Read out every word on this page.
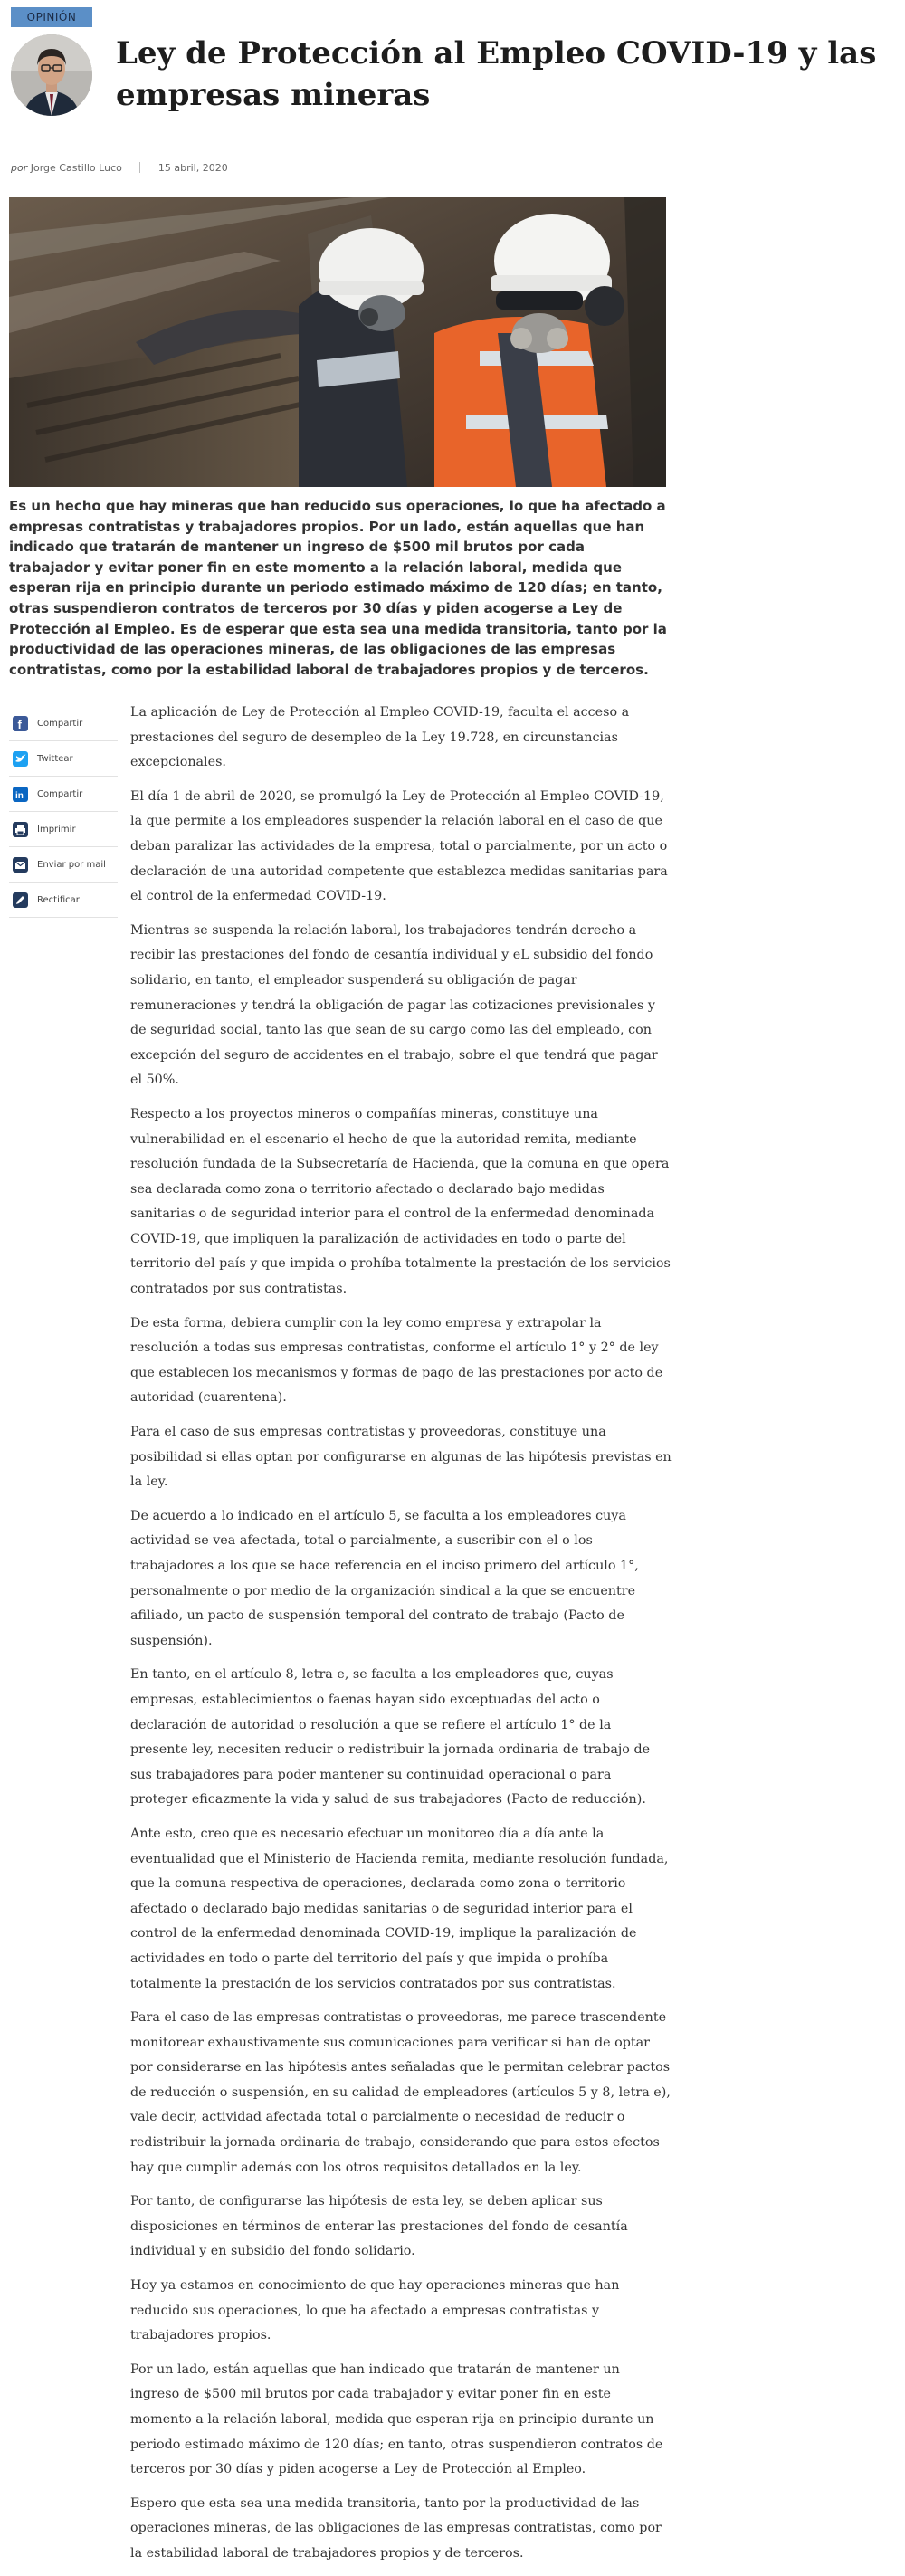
OPINIÓN
Ley de Protección al Empleo COVID-19 y las empresas mineras
por Jorge Castillo Luco	15 abril, 2020

Es un hecho que hay mineras que han reducido sus operaciones, lo que ha afectado a empresas contratistas y trabajadores propios. Por un lado, están aquellas que han indicado que tratarán de mantener un ingreso de $500 mil brutos por cada trabajador y evitar poner fin en este momento a la relación laboral, medida que esperan rija en principio durante un periodo estimado máximo de 120 días; en tanto, otras suspendieron contratos de terceros por 30 días y piden acogerse a Ley de Protección al Empleo. Es de esperar que esta sea una medida transitoria, tanto por la productividad de las operaciones mineras, de las obligaciones de las empresas contratistas, como por la estabilidad laboral de trabajadores propios y de terceros.

f Compartir
Twittear
in Compartir
Imprimir
Enviar por mail
Rectificar

La aplicación de Ley de Protección al Empleo COVID-19, faculta el acceso a prestaciones del seguro de desempleo de la Ley 19.728, en circunstancias excepcionales.

El día 1 de abril de 2020, se promulgó la Ley de Protección al Empleo COVID-19, la que permite a los empleadores suspender la relación laboral en el caso de que deban paralizar las actividades de la empresa, total o parcialmente, por un acto o declaración de una autoridad competente que establezca medidas sanitarias para el control de la enfermedad COVID-19.

Mientras se suspenda la relación laboral, los trabajadores tendrán derecho a recibir las prestaciones del fondo de cesantía individual y eL subsidio del fondo solidario, en tanto, el empleador suspenderá su obligación de pagar remuneraciones y tendrá la obligación de pagar las cotizaciones previsionales y de seguridad social, tanto las que sean de su cargo como las del empleado, con excepción del seguro de accidentes en el trabajo, sobre el que tendrá que pagar el 50%.

Respecto a los proyectos mineros o compañías mineras, constituye una vulnerabilidad en el escenario el hecho de que la autoridad remita, mediante resolución fundada de la Subsecretaría de Hacienda, que la comuna en que opera sea declarada como zona o territorio afectado o declarado bajo medidas sanitarias o de seguridad interior para el control de la enfermedad denominada COVID-19, que impliquen la paralización de actividades en todo o parte del territorio del país y que impida o prohíba totalmente la prestación de los servicios contratados por sus contratistas.

De esta forma, debiera cumplir con la ley como empresa y extrapolar la resolución a todas sus empresas contratistas, conforme el artículo 1° y 2° de ley que establecen los mecanismos y formas de pago de las prestaciones por acto de autoridad (cuarentena).

Para el caso de sus empresas contratistas y proveedoras, constituye una posibilidad si ellas optan por configurarse en algunas de las hipótesis previstas en la ley.

De acuerdo a lo indicado en el artículo 5, se faculta a los empleadores cuya actividad se vea afectada, total o parcialmente, a suscribir con el o los trabajadores a los que se hace referencia en el inciso primero del artículo 1°, personalmente o por medio de la organización sindical a la que se encuentre afiliado, un pacto de suspensión temporal del contrato de trabajo (Pacto de suspensión).

En tanto, en el artículo 8, letra e, se faculta a los empleadores que, cuyas empresas, establecimientos o faenas hayan sido exceptuadas del acto o declaración de autoridad o resolución a que se refiere el artículo 1° de la presente ley, necesiten reducir o redistribuir la jornada ordinaria de trabajo de sus trabajadores para poder mantener su continuidad operacional o para proteger eficazmente la vida y salud de sus trabajadores (Pacto de reducción).

Ante esto, creo que es necesario efectuar un monitoreo día a día ante la eventualidad que el Ministerio de Hacienda remita, mediante resolución fundada, que la comuna respectiva de operaciones, declarada como zona o territorio afectado o declarado bajo medidas sanitarias o de seguridad interior para el control de la enfermedad denominada COVID-19, implique la paralización de actividades en todo o parte del territorio del país y que impida o prohíba totalmente la prestación de los servicios contratados por sus contratistas.

Para el caso de las empresas contratistas o proveedoras, me parece trascendente monitorear exhaustivamente sus comunicaciones para verificar si han de optar por considerarse en las hipótesis antes señaladas que le permitan celebrar pactos de reducción o suspensión, en su calidad de empleadores (artículos 5 y 8, letra e), vale decir, actividad afectada total o parcialmente o necesidad de reducir o redistribuir la jornada ordinaria de trabajo, considerando que para estos efectos hay que cumplir además con los otros requisitos detallados en la ley.

Por tanto, de configurarse las hipótesis de esta ley, se deben aplicar sus disposiciones en términos de enterar las prestaciones del fondo de cesantía individual y en subsidio del fondo solidario.

Hoy ya estamos en conocimiento de que hay operaciones mineras que han reducido sus operaciones, lo que ha afectado a empresas contratistas y trabajadores propios.

Por un lado, están aquellas que han indicado que tratarán de mantener un ingreso de $500 mil brutos por cada trabajador y evitar poner fin en este momento a la relación laboral, medida que esperan rija en principio durante un periodo estimado máximo de 120 días; en tanto, otras suspendieron contratos de terceros por 30 días y piden acogerse a Ley de Protección al Empleo.

Espero que esta sea una medida transitoria, tanto por la productividad de las operaciones mineras, de las obligaciones de las empresas contratistas, como por la estabilidad laboral de trabajadores propios y de terceros.
